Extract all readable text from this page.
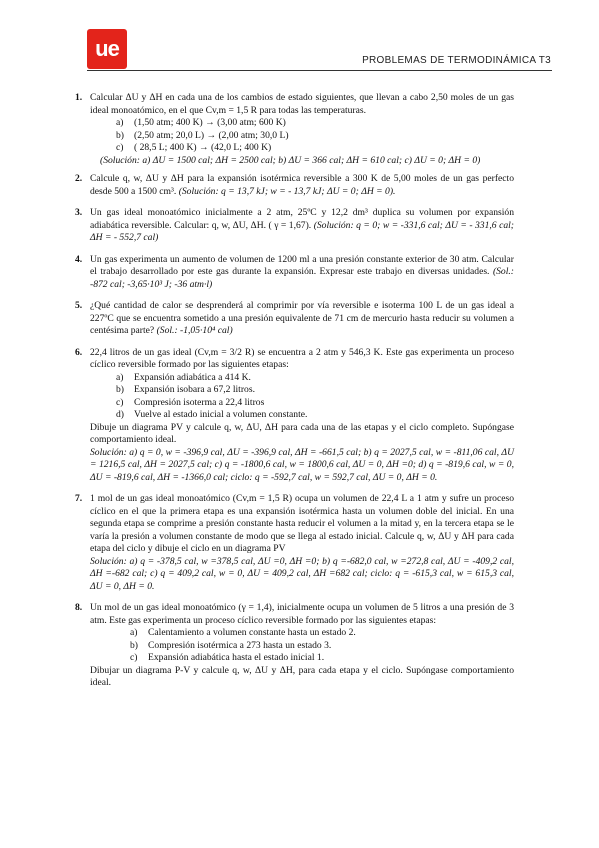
ue	PROBLEMAS DE TERMODINÁMICA T3
1. Calcular ΔU y ΔH en cada una de los cambios de estado siguientes, que llevan a cabo 2,50 moles de un gas ideal monoatómico, en el que Cv,m = 1,5 R para todas las temperaturas.
a) (1,50 atm; 400 K) → (3,00 atm; 600 K)
b) (2,50 atm; 20,0 L) → (2,00 atm; 30,0 L)
c) ( 28,5 L; 400 K) → (42,0 L; 400 K)
(Solución: a) ΔU = 1500 cal; ΔH = 2500 cal; b) ΔU = 366 cal; ΔH = 610 cal; c) ΔU = 0; ΔH = 0)
2. Calcule q, w, ΔU y ΔH para la expansión isotérmica reversible a 300 K de 5,00 moles de un gas perfecto desde 500 a 1500 cm³. (Solución: q = 13,7 kJ; w = - 13,7 kJ; ΔU = 0; ΔH = 0).
3. Un gas ideal monoatómico inicialmente a 2 atm, 25ºC y 12,2 dm³ duplica su volumen por expansión adiabática reversible. Calcular: q, w, ΔU, ΔH. ( γ = 1,67). (Solución: q = 0; w = -331,6 cal; ΔU = - 331,6 cal; ΔH = - 552,7 cal)
4. Un gas experimenta un aumento de volumen de 1200 ml a una presión constante exterior de 30 atm. Calcular el trabajo desarrollado por este gas durante la expansión. Expresar este trabajo en diversas unidades. (Sol.: -872 cal; -3,65·10³ J; -36 atm·l)
5. ¿Qué cantidad de calor se desprenderá al comprimir por vía reversible e isoterma 100 L de un gas ideal a 227ºC que se encuentra sometido a una presión equivalente de 71 cm de mercurio hasta reducir su volumen a centésima parte? (Sol.: -1,05·10⁴ cal)
6. 22,4 litros de un gas ideal (Cv,m = 3/2 R) se encuentra a 2 atm y 546,3 K. Este gas experimenta un proceso cíclico reversible formado por las siguientes etapas:
a) Expansión adiabática a 414 K.
b) Expansión isobara a 67,2 litros.
c) Compresión isoterma a 22,4 litros
d) Vuelve al estado inicial a volumen constante.
Dibuje un diagrama PV y calcule q, w, ΔU, ΔH para cada una de las etapas y el ciclo completo. Supóngase comportamiento ideal.
Solución: a) q = 0, w = -396,9 cal, ΔU = -396,9 cal, ΔH = -661,5 cal; b) q = 2027,5 cal, w = -811,06 cal, ΔU = 1216,5 cal, ΔH = 2027,5 cal; c) q = -1800,6 cal, w = 1800,6 cal, ΔU = 0, ΔH =0; d) q = -819,6 cal, w = 0, ΔU = -819,6 cal, ΔH = -1366,0 cal; ciclo: q = -592,7 cal, w = 592,7 cal, ΔU = 0, ΔH = 0.
7. 1 mol de un gas ideal monoatómico (Cv,m = 1,5 R) ocupa un volumen de 22,4 L a 1 atm y sufre un proceso cíclico en el que la primera etapa es una expansión isotérmica hasta un volumen doble del inicial. En una segunda etapa se comprime a presión constante hasta reducir el volumen a la mitad y, en la tercera etapa se le varía la presión a volumen constante de modo que se llega al estado inicial. Calcule q, w, ΔU y ΔH para cada etapa del ciclo y dibuje el ciclo en un diagrama PV
Solución: a) q = -378,5 cal, w =378,5 cal, ΔU =0, ΔH =0; b) q =-682,0 cal, w =272,8 cal, ΔU = -409,2 cal, ΔH =-682 cal; c) q = 409,2 cal, w = 0, ΔU = 409,2 cal, ΔH =682 cal; ciclo: q = -615,3 cal, w = 615,3 cal, ΔU = 0, ΔH = 0.
8. Un mol de un gas ideal monoatómico (γ = 1,4), inicialmente ocupa un volumen de 5 litros a una presión de 3 atm. Este gas experimenta un proceso cíclico reversible formado por las siguientes etapas:
a) Calentamiento a volumen constante hasta un estado 2.
b) Compresión isotérmica a 273 hasta un estado 3.
c) Expansión adiabática hasta el estado inicial 1.
Dibujar un diagrama P-V y calcule q, w, ΔU y ΔH, para cada etapa y el ciclo. Supóngase comportamiento ideal.
